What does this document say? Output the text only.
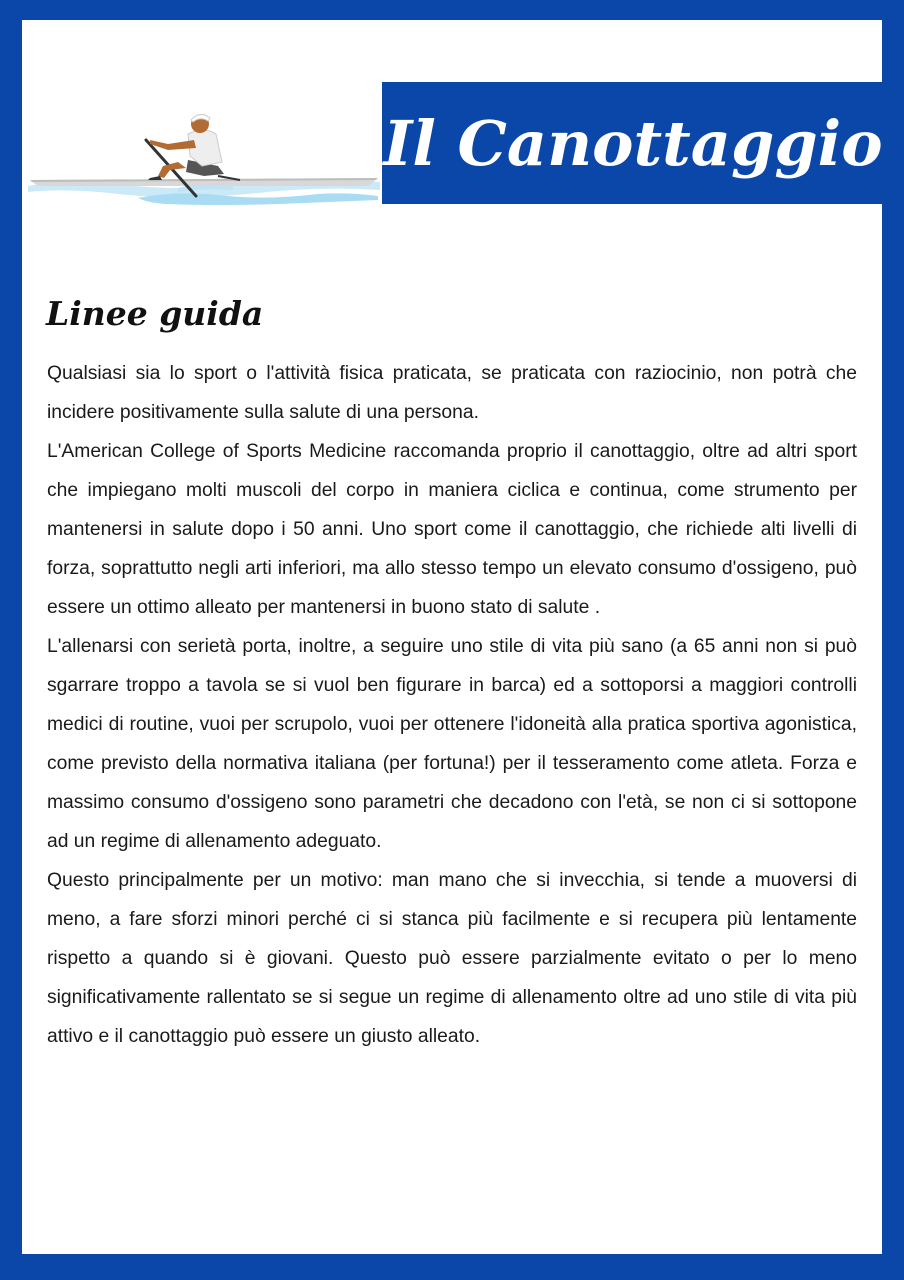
Il Canottaggio
Linee guida

Qualsiasi sia lo sport o l'attività fisica praticata, se praticata con raziocinio, non potrà che incidere positivamente sulla salute di una persona.

L'American College of Sports Medicine raccomanda proprio il canottaggio, oltre ad altri sport che impiegano molti muscoli del corpo in maniera ciclica e continua, come strumento per mantenersi in salute dopo i 50 anni. Uno sport come il canottaggio, che richiede alti livelli di forza, soprattutto negli arti inferiori, ma allo stesso tempo un elevato consumo d'ossigeno, può essere un ottimo alleato per mantenersi in buono stato di salute .

L'allenarsi con serietà porta, inoltre, a seguire uno stile di vita più sano (a 65 anni non si può sgarrare troppo a tavola se si vuol ben figurare in barca) ed a sottoporsi a maggiori controlli medici di routine, vuoi per scrupolo, vuoi per ottenere l'idoneità alla pratica sportiva agonistica, come previsto della normativa italiana (per fortuna!) per il tesseramento come atleta. Forza e massimo consumo d'ossigeno sono parametri che decadono con l'età, se non ci si sottopone ad un regime di allenamento adeguato.

Questo principalmente per un motivo: man mano che si invecchia, si tende a muoversi di meno, a fare sforzi minori perché ci si stanca più facilmente e si recupera più lentamente rispetto a quando si è giovani. Questo può essere parzialmente evitato o per lo meno significativamente rallentato se si segue un regime di allenamento oltre ad uno stile di vita più attivo e il canottaggio può essere un giusto alleato.
